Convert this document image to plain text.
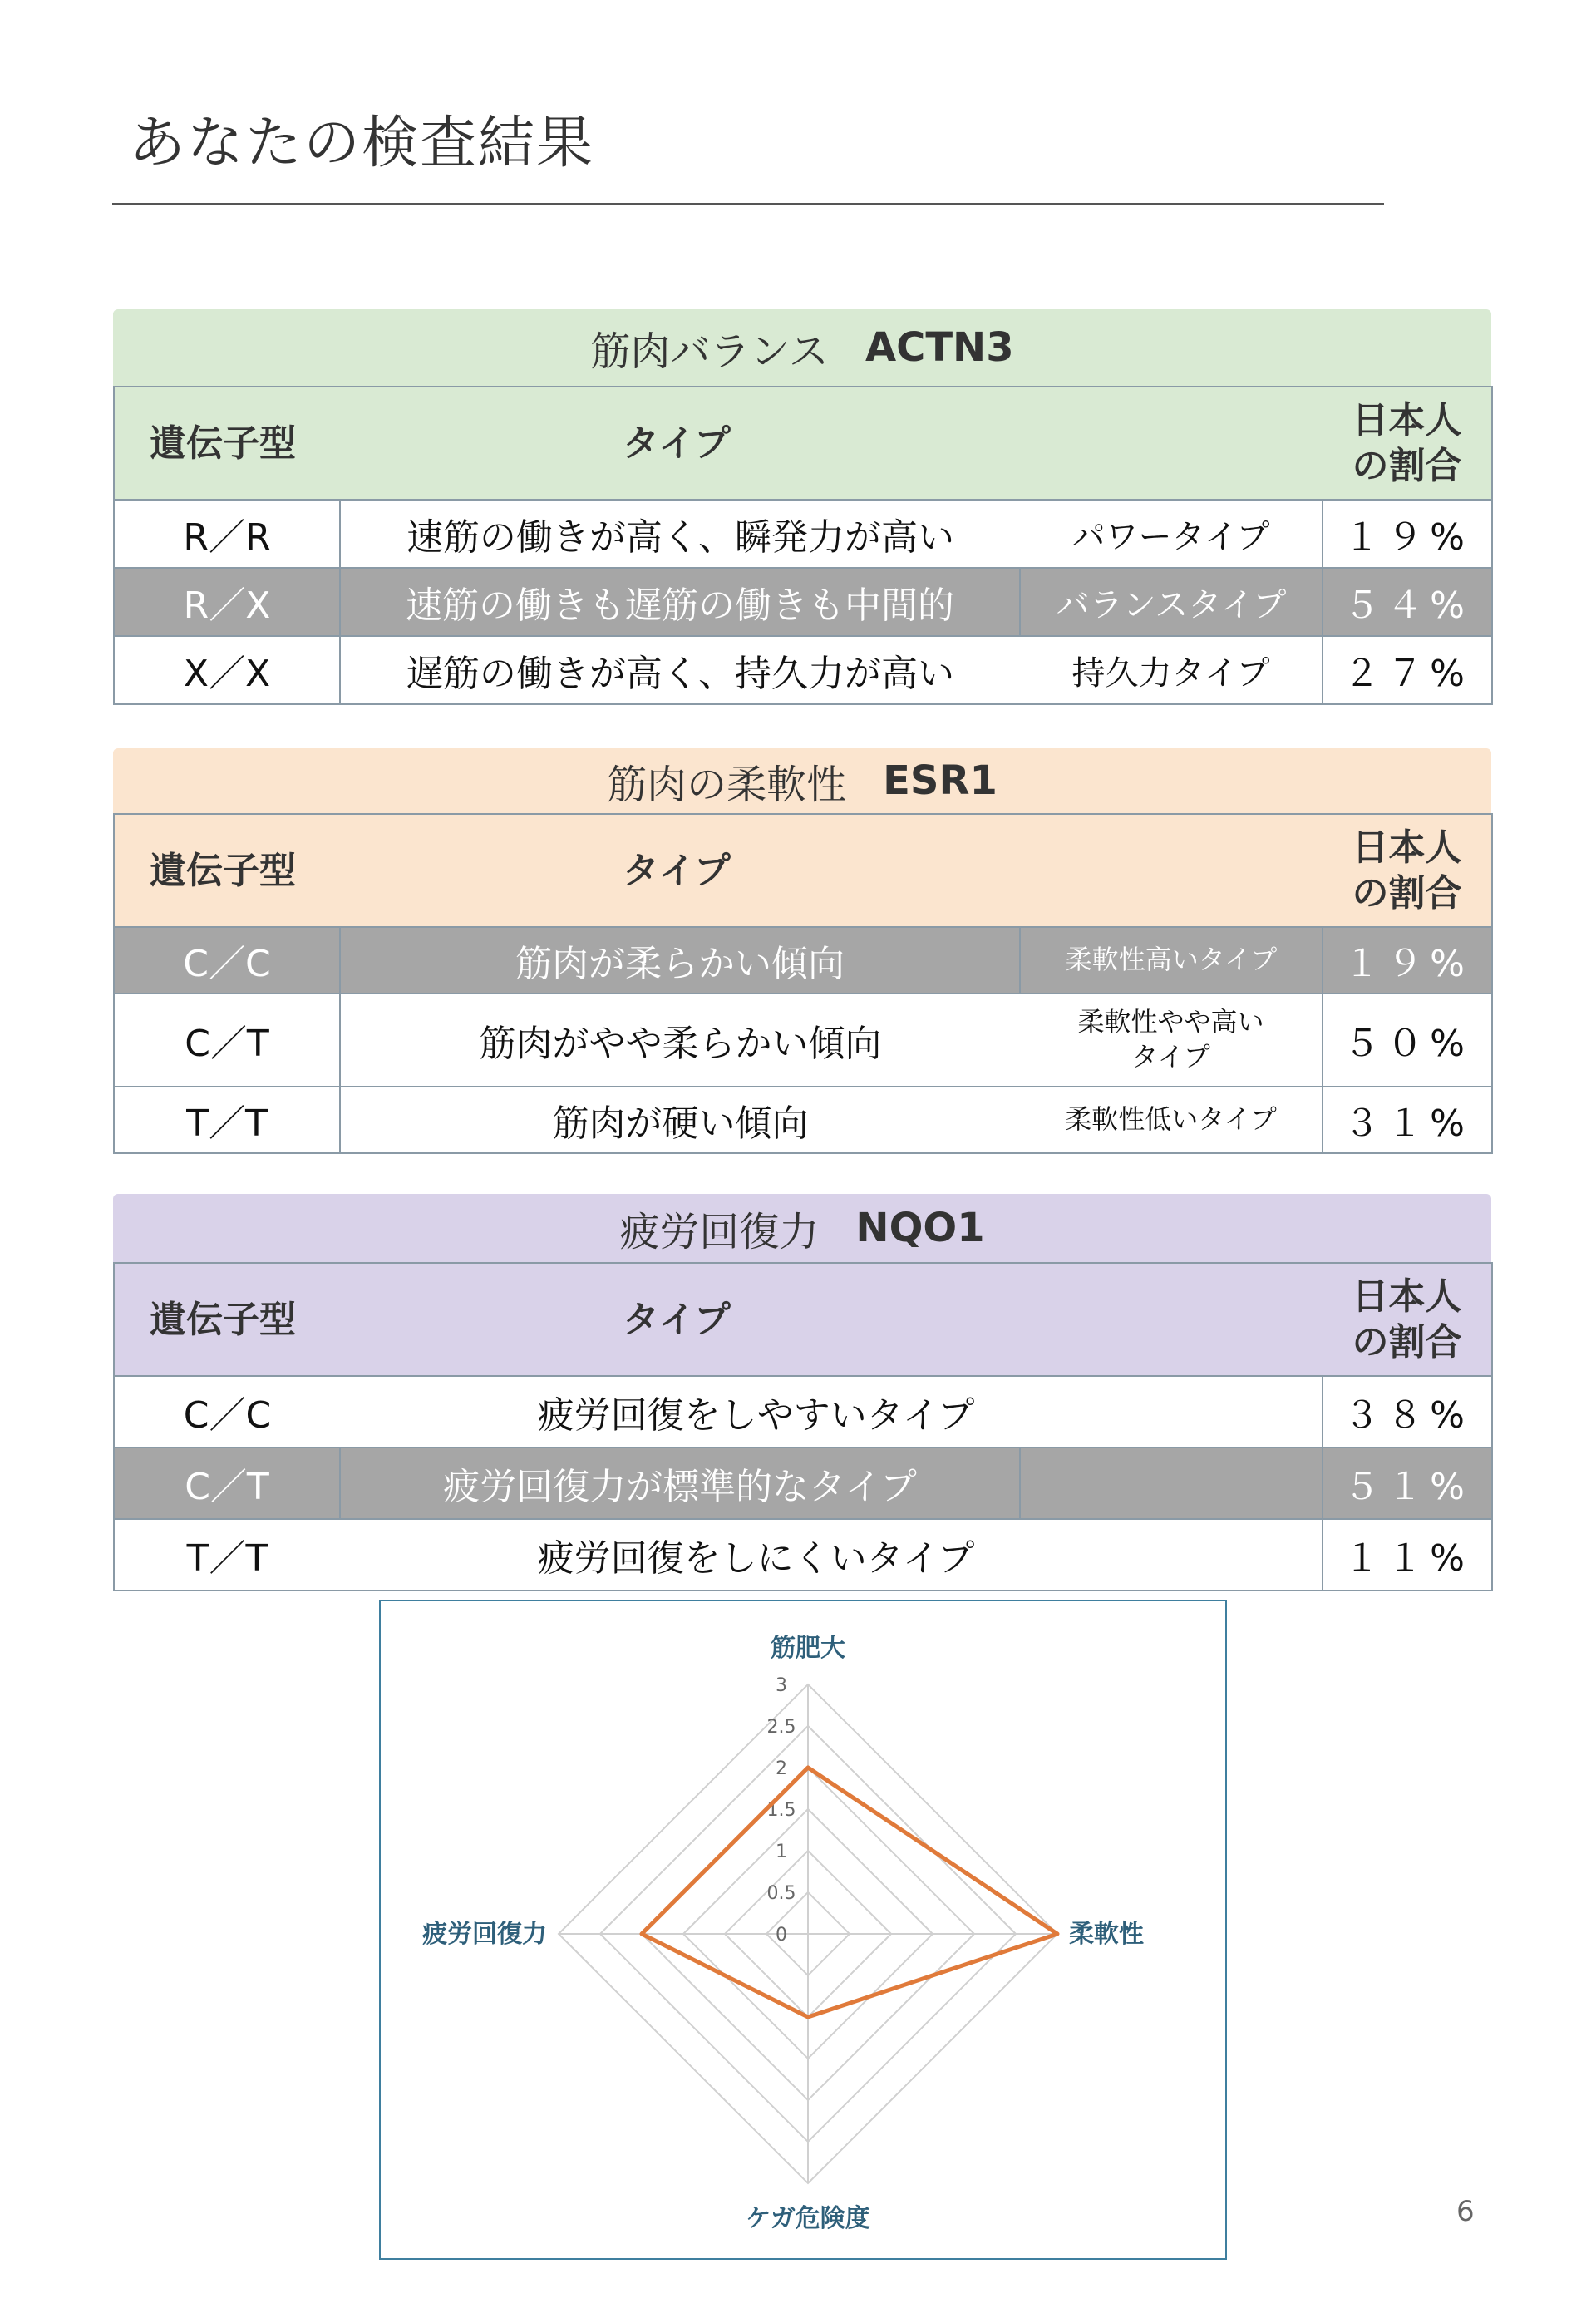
あなたの検査結果
筋肉バランス ACTN3
遺伝子型	タイプ		日本人
の割合
R／R	速筋の働きが高く、瞬発力が高い	パワータイプ	１９%
R／X	速筋の働きも遅筋の働きも中間的	バランスタイプ	５４%
X／X	遅筋の働きが高く、持久力が高い	持久力タイプ	２７%
筋肉の柔軟性 ESR1
遺伝子型	タイプ		日本人
の割合
C／C	筋肉が柔らかい傾向	柔軟性高いタイプ	１９%
C／T	筋肉がやや柔らかい傾向	柔軟性やや高い
タイプ	５０%
T／T	筋肉が硬い傾向	柔軟性低いタイプ	３１%
疲労回復力 NQO1
遺伝子型	タイプ		日本人
の割合
C／C	疲労回復をしやすいタイプ		３８%
C／T	疲労回復力が標準的なタイプ		５１%
T／T	疲労回復をしにくいタイプ		１１%
0
0.5
1
1.5
2
2.5
3
筋肥大
柔軟性
ケガ危険度
疲労回復力
6
